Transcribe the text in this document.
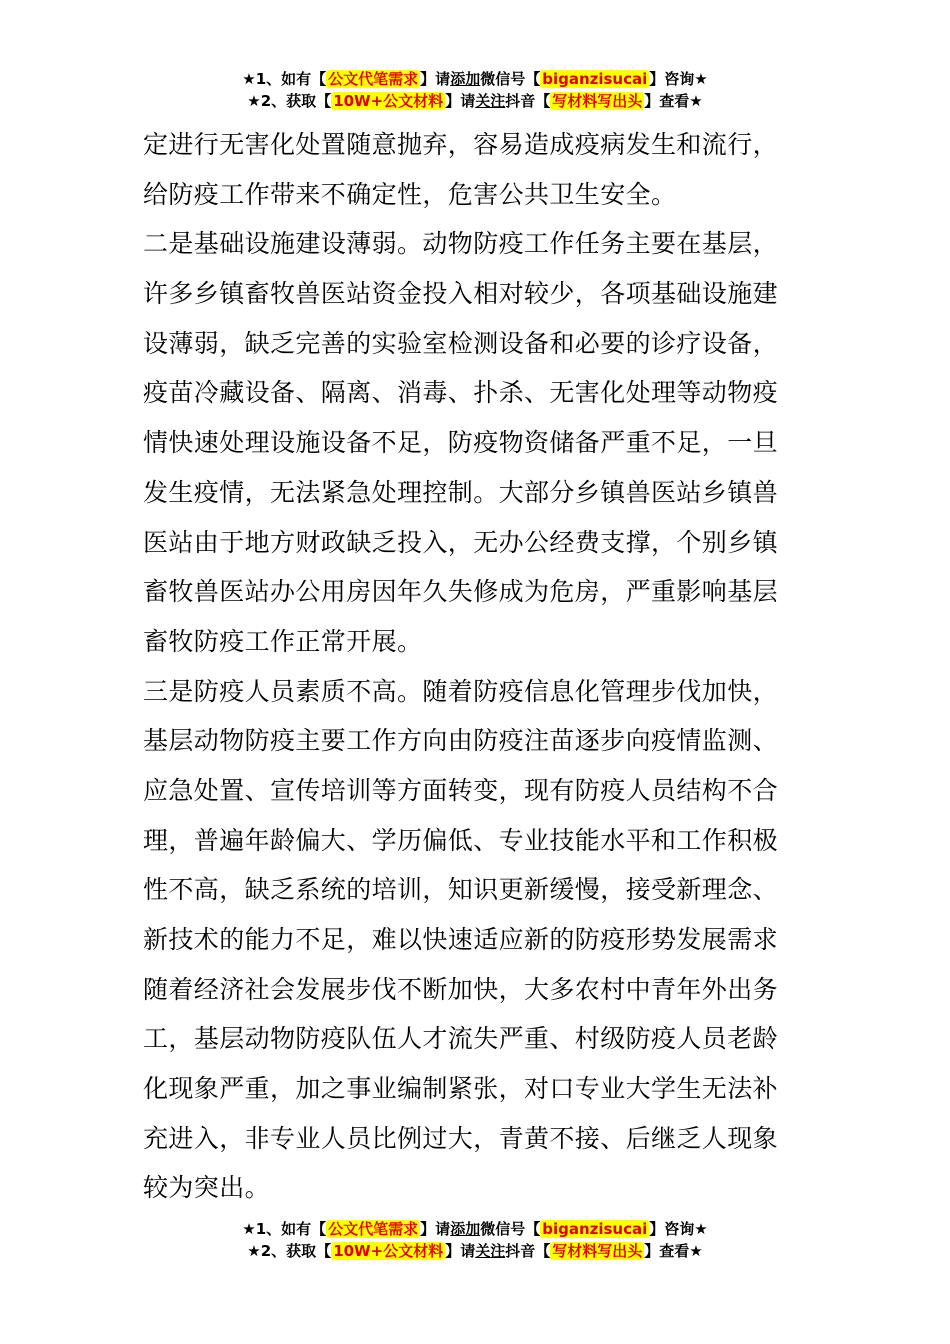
★1、如有【 公文代笔需求 】请添加微信号【 biganzisucai 】咨询★
★2、获取【 10W+公文材料 】请关注抖音【 写材料写出头 】查看★
定进行无害化处置随意抛弃，容易造成疫病发生和流行，
给防疫工作带来不确定性，危害公共卫生安全。
二是基础设施建设薄弱。动物防疫工作任务主要在基层，
许多乡镇畜牧兽医站资金投入相对较少，各项基础设施建
设薄弱，缺乏完善的实验室检测设备和必要的诊疗设备，
疫苗冷藏设备、隔离、消毒、扑杀、无害化处理等动物疫
情快速处理设施设备不足，防疫物资储备严重不足，一旦
发生疫情，无法紧急处理控制。大部分乡镇兽医站乡镇兽
医站由于地方财政缺乏投入，无办公经费支撑，个别乡镇
畜牧兽医站办公用房因年久失修成为危房，严重影响基层
畜牧防疫工作正常开展。
三是防疫人员素质不高。随着防疫信息化管理步伐加快，
基层动物防疫主要工作方向由防疫注苗逐步向疫情监测、
应急处置、宣传培训等方面转变，现有防疫人员结构不合
理，普遍年龄偏大、学历偏低、专业技能水平和工作积极
性不高，缺乏系统的培训，知识更新缓慢，接受新理念、
新技术的能力不足，难以快速适应新的防疫形势发展需求
随着经济社会发展步伐不断加快，大多农村中青年外出务
工，基层动物防疫队伍人才流失严重、村级防疫人员老龄
化现象严重，加之事业编制紧张，对口专业大学生无法补
充进入，非专业人员比例过大，青黄不接、后继乏人现象
较为突出。
★1、如有【 公文代笔需求 】请添加微信号【 biganzisucai 】咨询★
★2、获取【 10W+公文材料 】请关注抖音【 写材料写出头 】查看★
